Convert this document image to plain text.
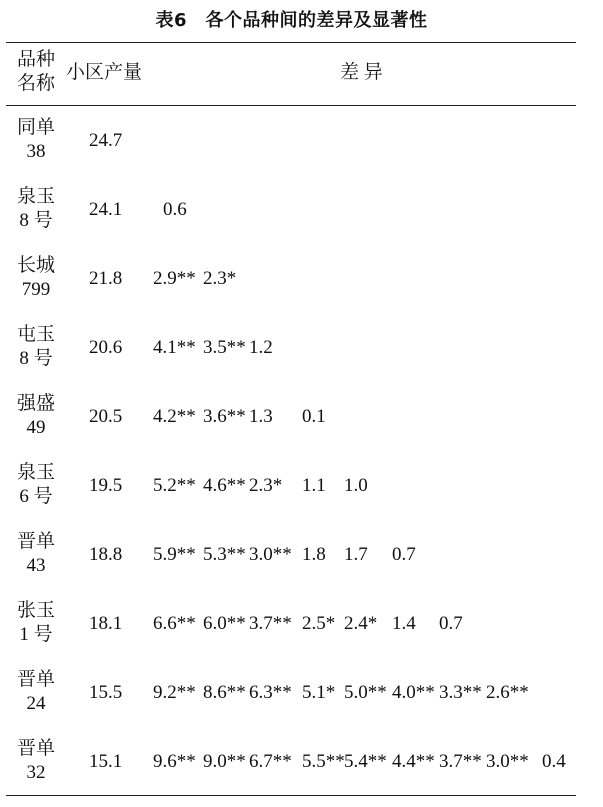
表6　各个品种间的差异及显著性
品种
名称
小区产量	差 异
同单
38
24.7
泉玉
8 号
24.1 0.6
长城
799
21.8 2.9** 2.3*
屯玉
8 号
20.6 4.1** 3.5** 1.2
强盛
49
20.5 4.2** 3.6** 1.3 0.1
泉玉
6 号
19.5 5.2** 4.6** 2.3* 1.1 1.0
晋单
43
18.8 5.9** 5.3** 3.0** 1.8 1.7 0.7
张玉
1 号
18.1 6.6** 6.0** 3.7** 2.5* 2.4* 1.4 0.7
晋单
24
15.5 9.2** 8.6** 6.3** 5.1* 5.0** 4.0** 3.3** 2.6**
晋单
32
15.1 9.6** 9.0** 6.7** 5.5** 5.4** 4.4** 3.7** 3.0** 0.4
